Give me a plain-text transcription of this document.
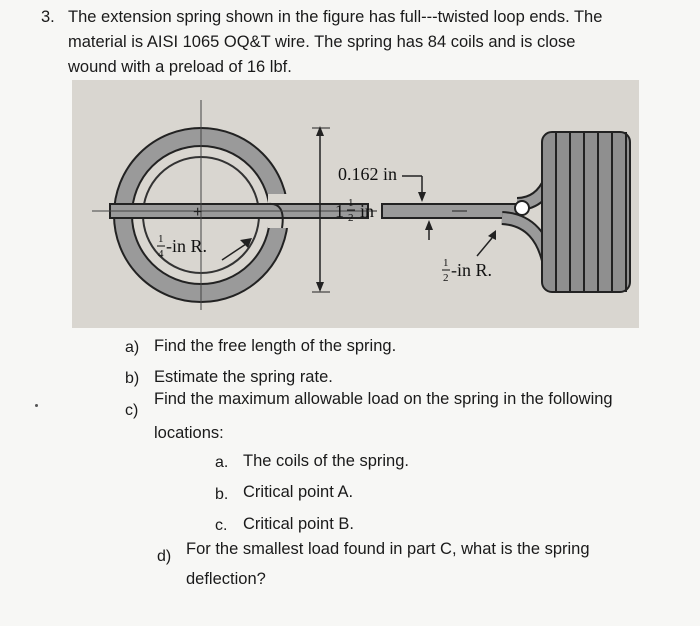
3. The extension spring shown in the figure has full---twisted loop ends. The
material is AISI 1065 OQ&T wire. The spring has 84 coils and is close
wound with a preload of 16 lbf.
+
0.162 in
1 1
2 in
1
4 -in R.
1
2 -in R.
a) Find the free length of the spring.
b) Estimate the spring rate.
c)
Find the maximum allowable load on the spring in the following
locations:
a. The coils of the spring.
b. Critical point A.
c. Critical point B.
d) For the smallest load found in part C, what is the spring
deflection?
